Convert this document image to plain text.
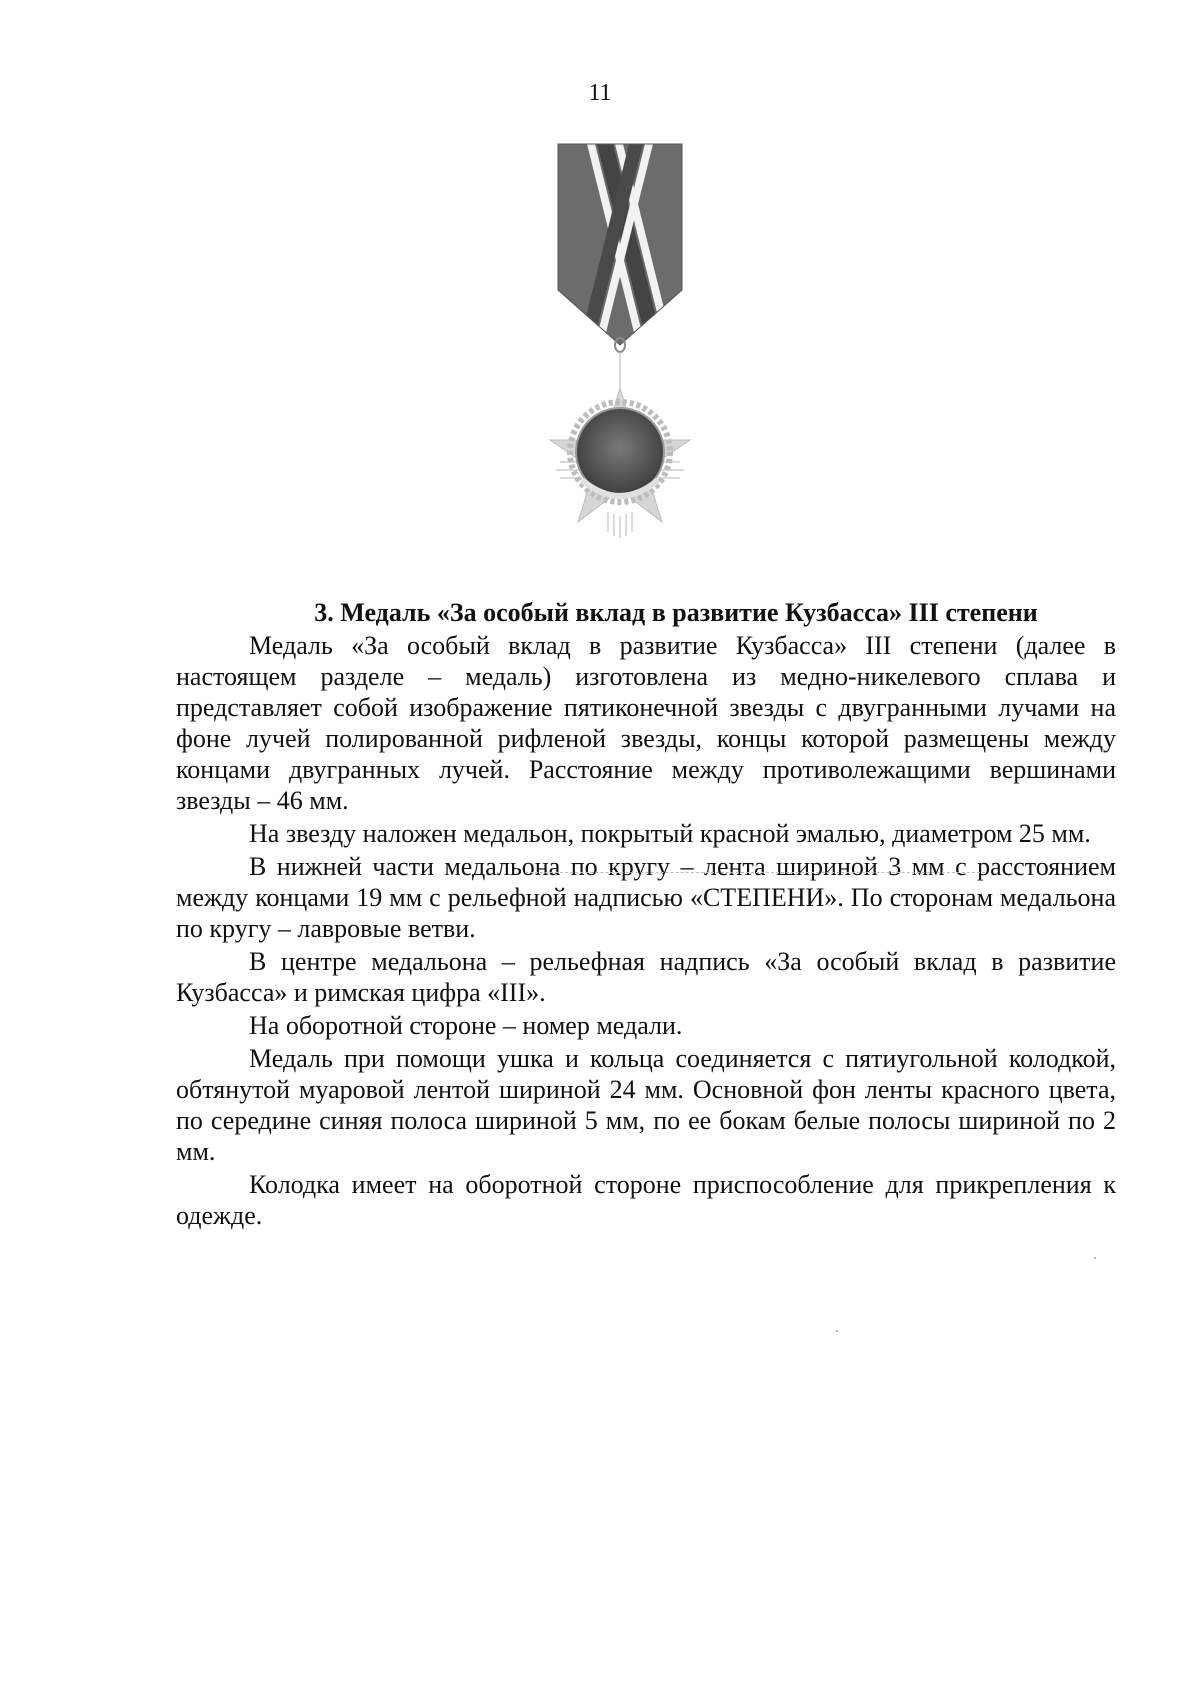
11

3. Медаль «За особый вклад в развитие Кузбасса» III степени

Медаль «За особый вклад в развитие Кузбасса» III степени (далее в настоящем разделе – медаль) изготовлена из медно-никелевого сплава и представляет собой изображение пятиконечной звезды с двугранными лучами на фоне лучей полированной рифленой звезды, концы которой размещены между концами двугранных лучей. Расстояние между противолежащими вершинами звезды – 46 мм.

На звезду наложен медальон, покрытый красной эмалью, диаметром 25 мм.

В нижней части медальона по кругу – лента шириной 3 мм с расстоянием между концами 19 мм с рельефной надписью «СТЕПЕНИ». По сторонам медальона по кругу – лавровые ветви.

В центре медальона – рельефная надпись «За особый вклад в развитие Кузбасса» и римская цифра «III».

На оборотной стороне – номер медали.

Медаль при помощи ушка и кольца соединяется с пятиугольной колодкой, обтянутой муаровой лентой шириной 24 мм. Основной фон ленты красного цвета, по середине синяя полоса шириной 5 мм, по ее бокам белые полосы шириной по 2 мм.

Колодка имеет на оборотной стороне приспособление для прикрепления к одежде.
